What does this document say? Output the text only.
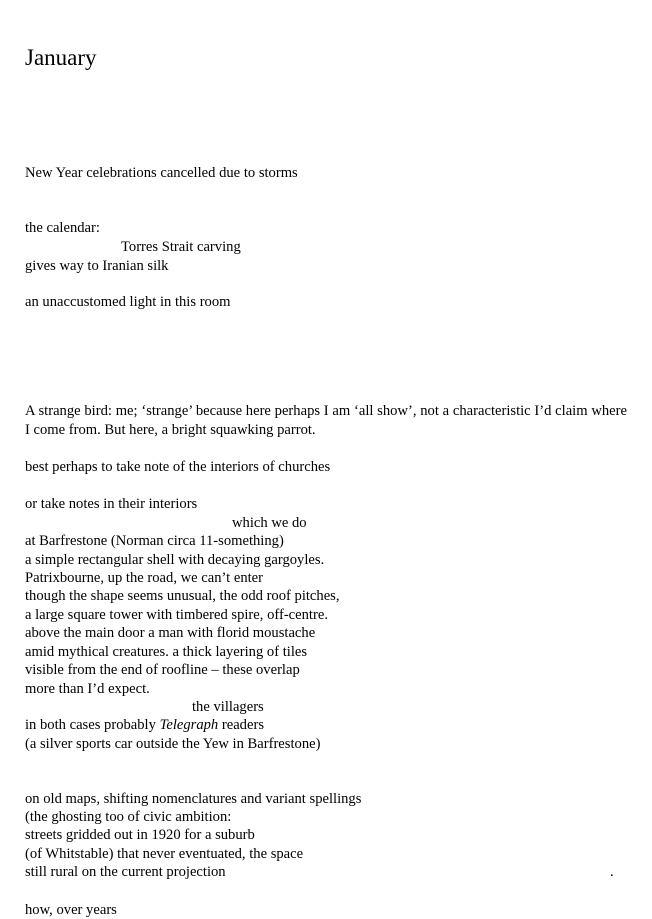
January
New Year celebrations cancelled due to storms
the calendar:
Torres Strait carving
gives way to Iranian silk
an unaccustomed light in this room
A strange bird: me; ‘strange’ because here perhaps I am ‘all show’, not a characteristic I’d claim where I come from. But here, a bright squawking parrot.
best perhaps to take note of the interiors of churches
or take notes in their interiors
which we do
at Barfrestone (Norman circa 11-something)
a simple rectangular shell with decaying gargoyles.
Patrixbourne, up the road, we can’t enter
though the shape seems unusual, the odd roof pitches,
a large square tower with timbered spire, off-centre.
above the main door a man with florid moustache
amid mythical creatures. a thick layering of tiles
visible from the end of roofline – these overlap
more than I’d expect.
the villagers
in both cases probably Telegraph readers
(a silver sports car outside the Yew in Barfrestone)
on old maps, shifting nomenclatures and variant spellings
(the ghosting too of civic ambition:
streets gridded out in 1920 for a suburb
(of Whitstable) that never eventuated, the space
still rural on the current projection	.
how, over years
